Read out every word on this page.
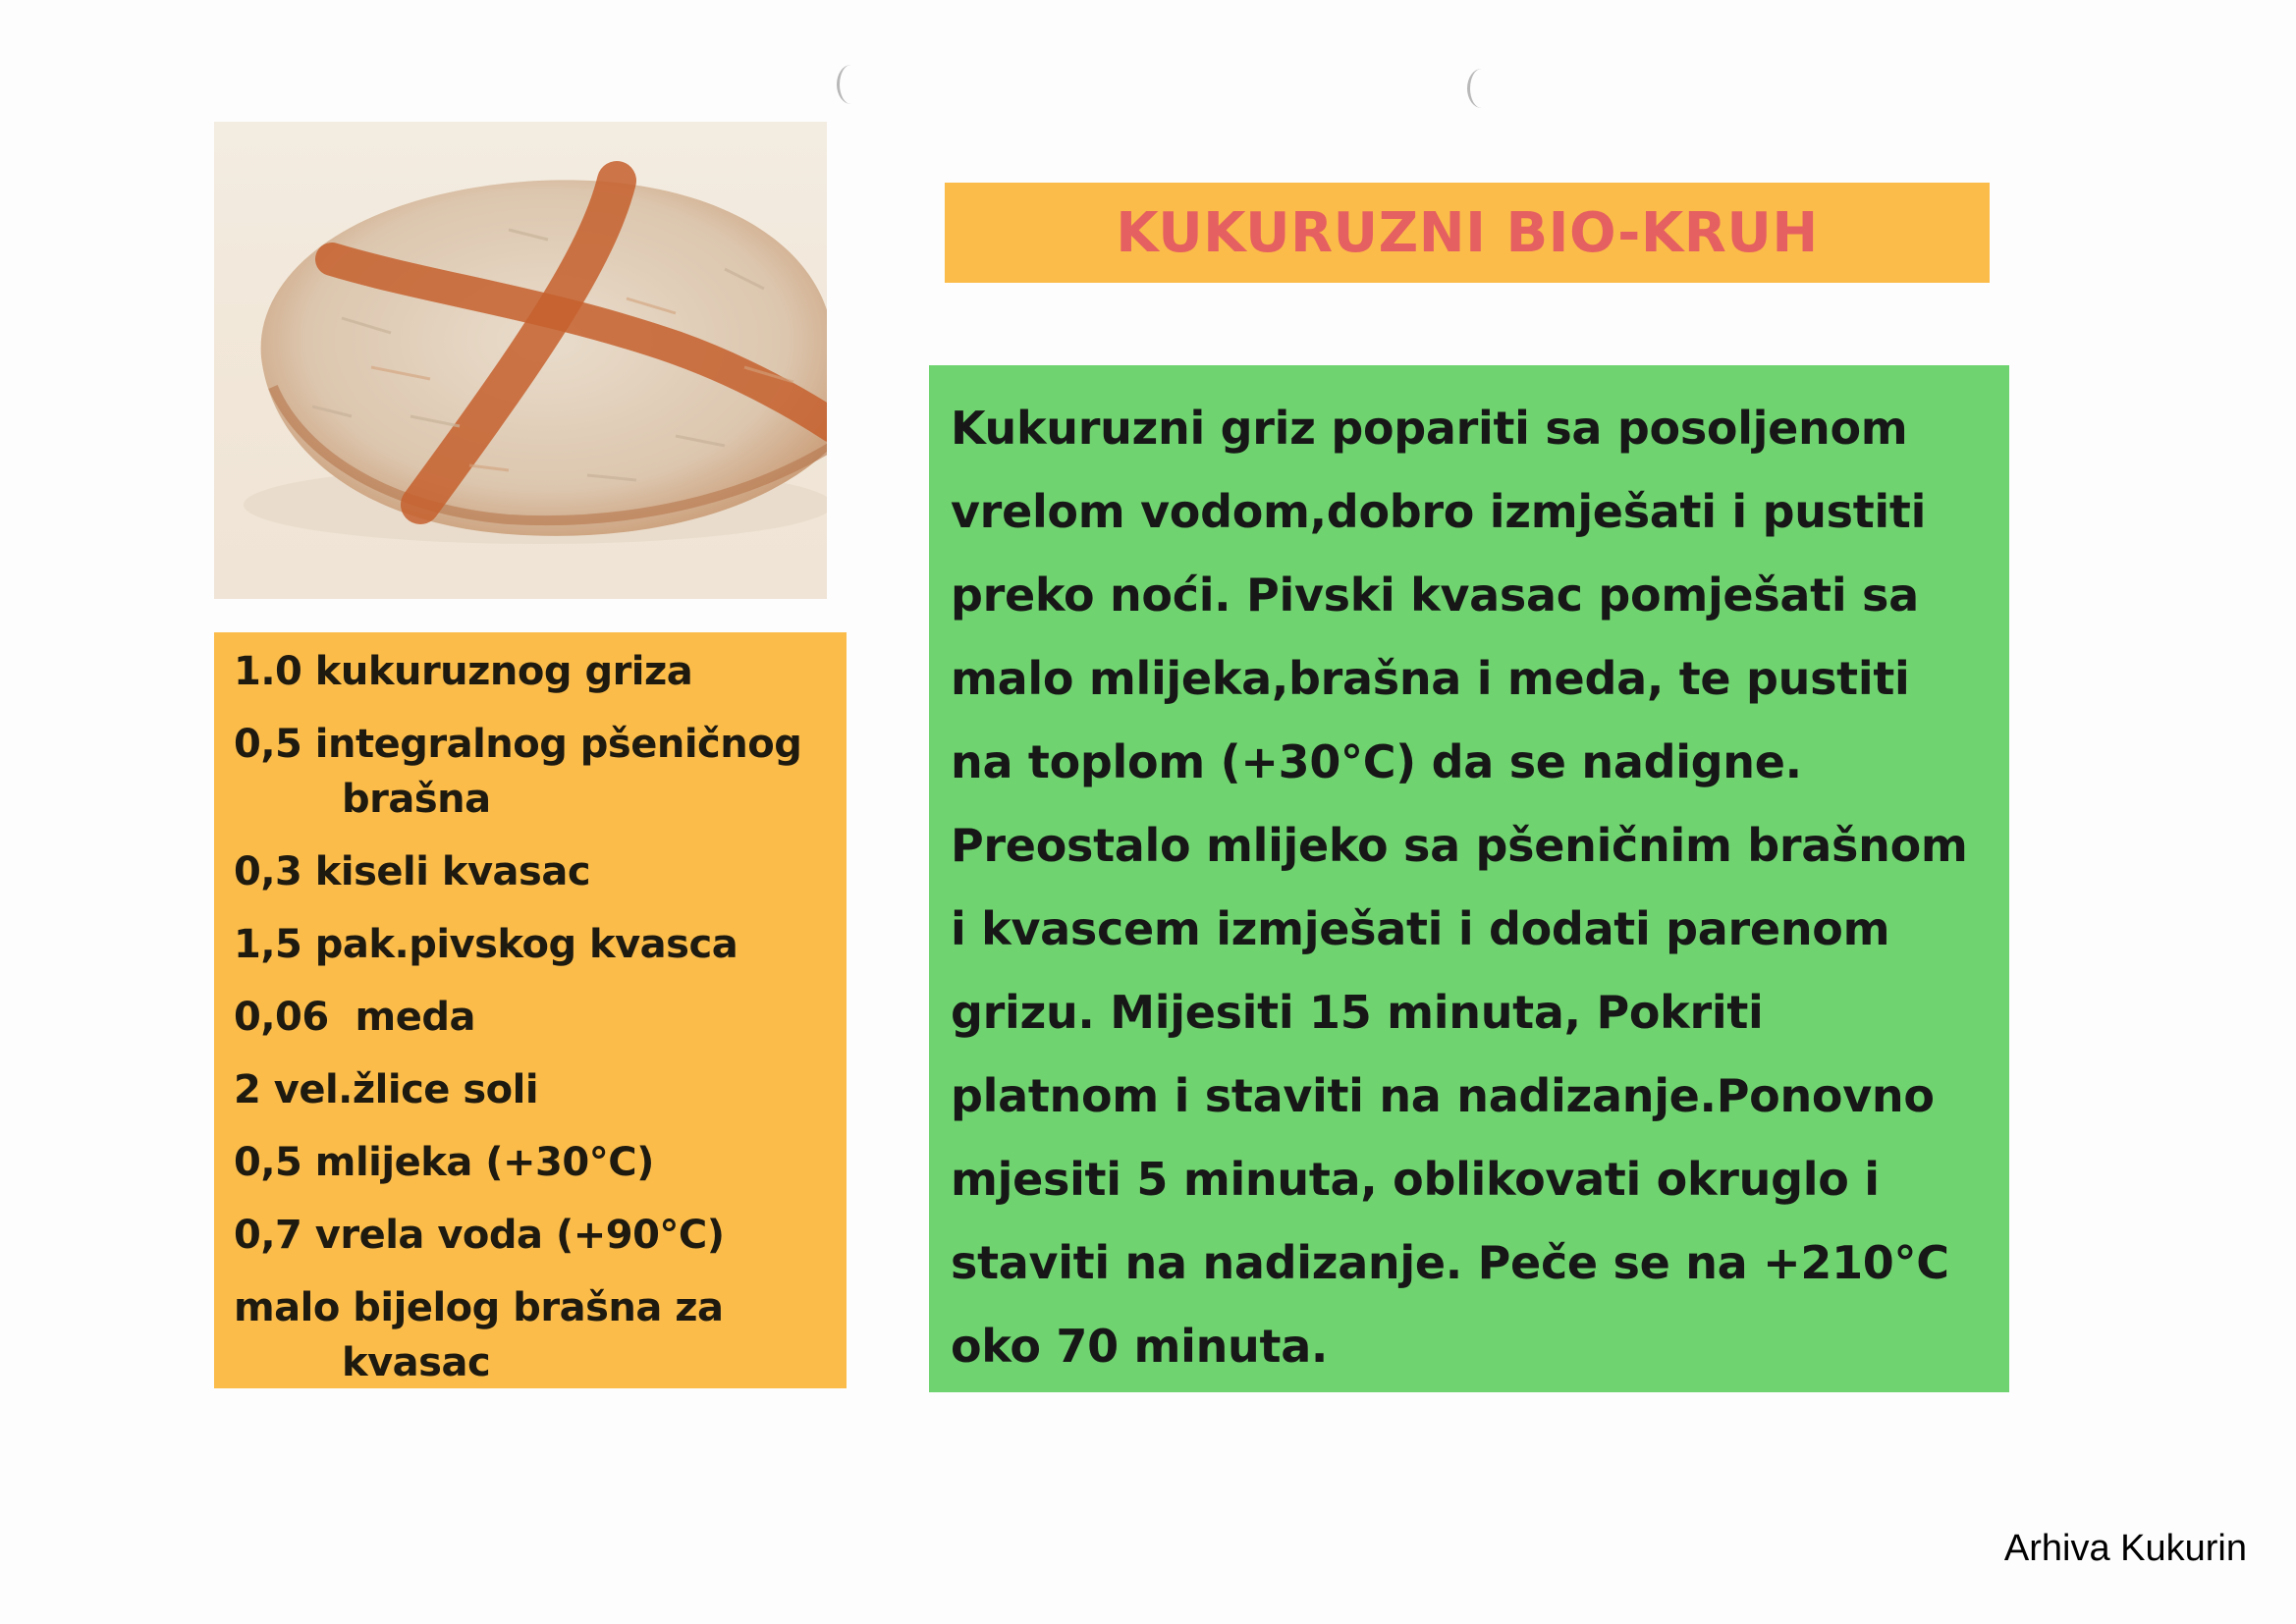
1.0 kukuruznog griza
0,5 integralnog pšeničnog
brašna
0,3 kiseli kvasac
1,5 pak.pivskog kvasca
0,06  meda
2 vel.žlice soli
0,5 mlijeka (+30°C)
0,7 vrela voda (+90°C)
malo bijelog brašna za
kvasac
KUKURUZNI BIO-KRUH

Kukuruzni griz popariti sa posoljenom vrelom vodom,dobro izmješati i pustiti preko noći. Pivski kvasac pomješati sa malo mlijeka,brašna i meda, te pustiti na toplom (+30°C) da se nadigne. Preostalo mlijeko sa pšeničnim brašnom i kvascem izmješati i dodati parenom grizu. Mijesiti 15 minuta, Pokriti platnom i staviti na nadizanje.Ponovno mjesiti 5 minuta, oblikovati okruglo i staviti na nadizanje. Peče se na +210°C oko 70 minuta.

Arhiva Kukurin
